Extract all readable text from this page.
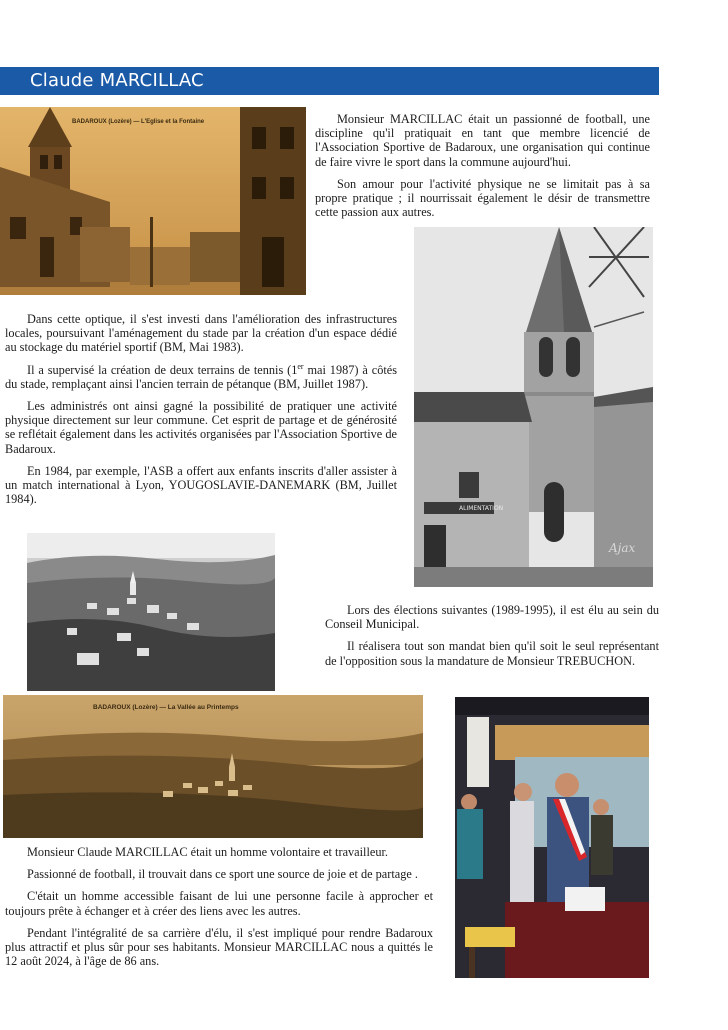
Claude MARCILLAC
BADAROUX (Lozère) — L'Eglise et la Fontaine	Monsieur MARCILLAC était un passionné de football, une discipline qu'il pratiquait en tant que membre licencié de l'Association Sportive de Badaroux, une organisation qui continue de faire vivre le sport dans la commune aujourd'hui.

Son amour pour l'activité physique ne se limitait pas à sa propre pratique ; il nourrissait également le désir de transmettre cette passion aux autres.

ALIMENTATION
Ajax

Dans cette optique, il s'est investi dans l'amélioration des infrastructures locales, poursuivant l'aménagement du stade par la création d'un espace dédié au stockage du matériel sportif (BM, Mai 1983).

Il a supervisé la création de deux terrains de tennis (1er mai 1987) à côtés du stade, remplaçant ainsi l'ancien terrain de pétanque (BM, Juillet 1987).

Les administrés ont ainsi gagné la possibilité de pratiquer une activité physique directement sur leur commune. Cet esprit de partage et de générosité se reflétait également dans les activités organisées par l'Association Sportive de Badaroux.

En 1984, par exemple, l'ASB a offert aux enfants inscrits d'aller assister à un match international à Lyon, YOUGOSLAVIE-DANEMARK (BM, Juillet 1984).

Lors des élections suivantes (1989-1995), il est élu au sein du Conseil Municipal.

Il réalisera tout son mandat bien qu'il soit le seul représentant de l'opposition sous la mandature de Monsieur TREBUCHON.

BADAROUX (Lozère) — La Vallée au Printemps

Monsieur Claude MARCILLAC était un homme volontaire et travailleur.

Passionné de football, il trouvait dans ce sport une source de joie et de partage .

C'était un homme accessible faisant de lui une personne facile à approcher et toujours prête à échanger et à créer des liens avec les autres.

Pendant l'intégralité de sa carrière d'élu, il s'est impliqué pour rendre Badaroux plus attractif et plus sûr pour ses habitants. Monsieur MARCILLAC nous a quittés le 12 août 2024, à l'âge de 86 ans.
